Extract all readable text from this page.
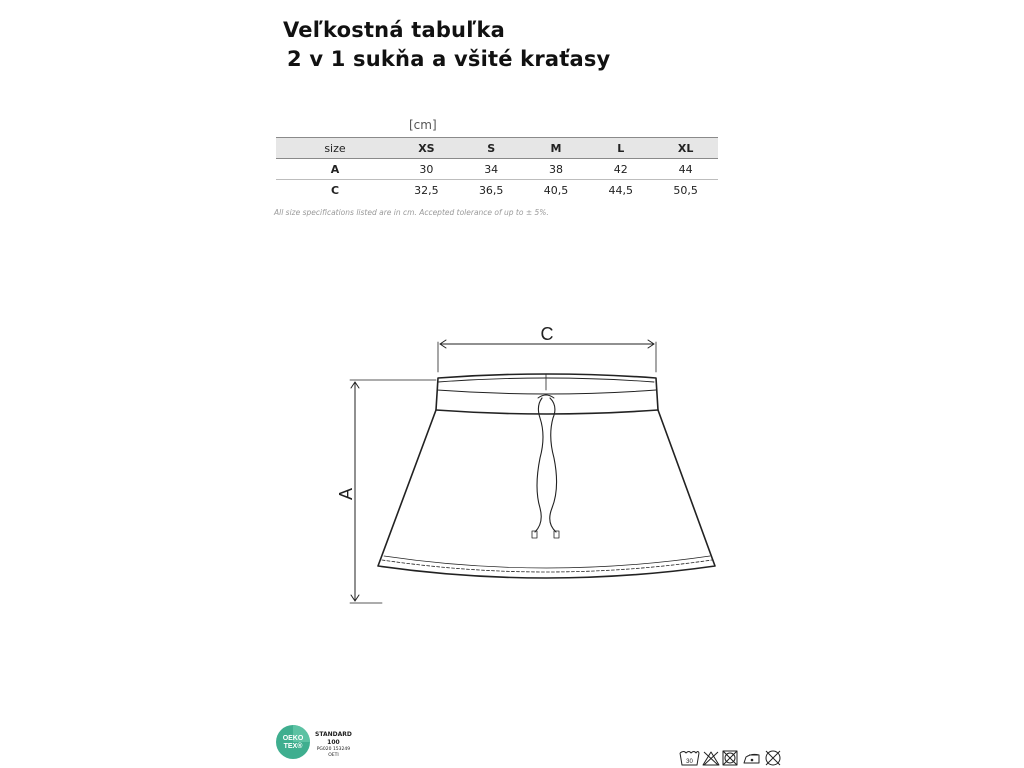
Veľkostná tabuľka
2 v 1 sukňa a všité kraťasy
[cm]
size	XS	S	M	L	XL
A	30	34	38	42	44
C	32,5	36,5	40,5	44,5	50,5
All size specifications listed are in cm. Accepted tolerance of up to ± 5%.
C
A
OEKO
TEX®
STANDARD
100
PG020 153249
OETI
30
